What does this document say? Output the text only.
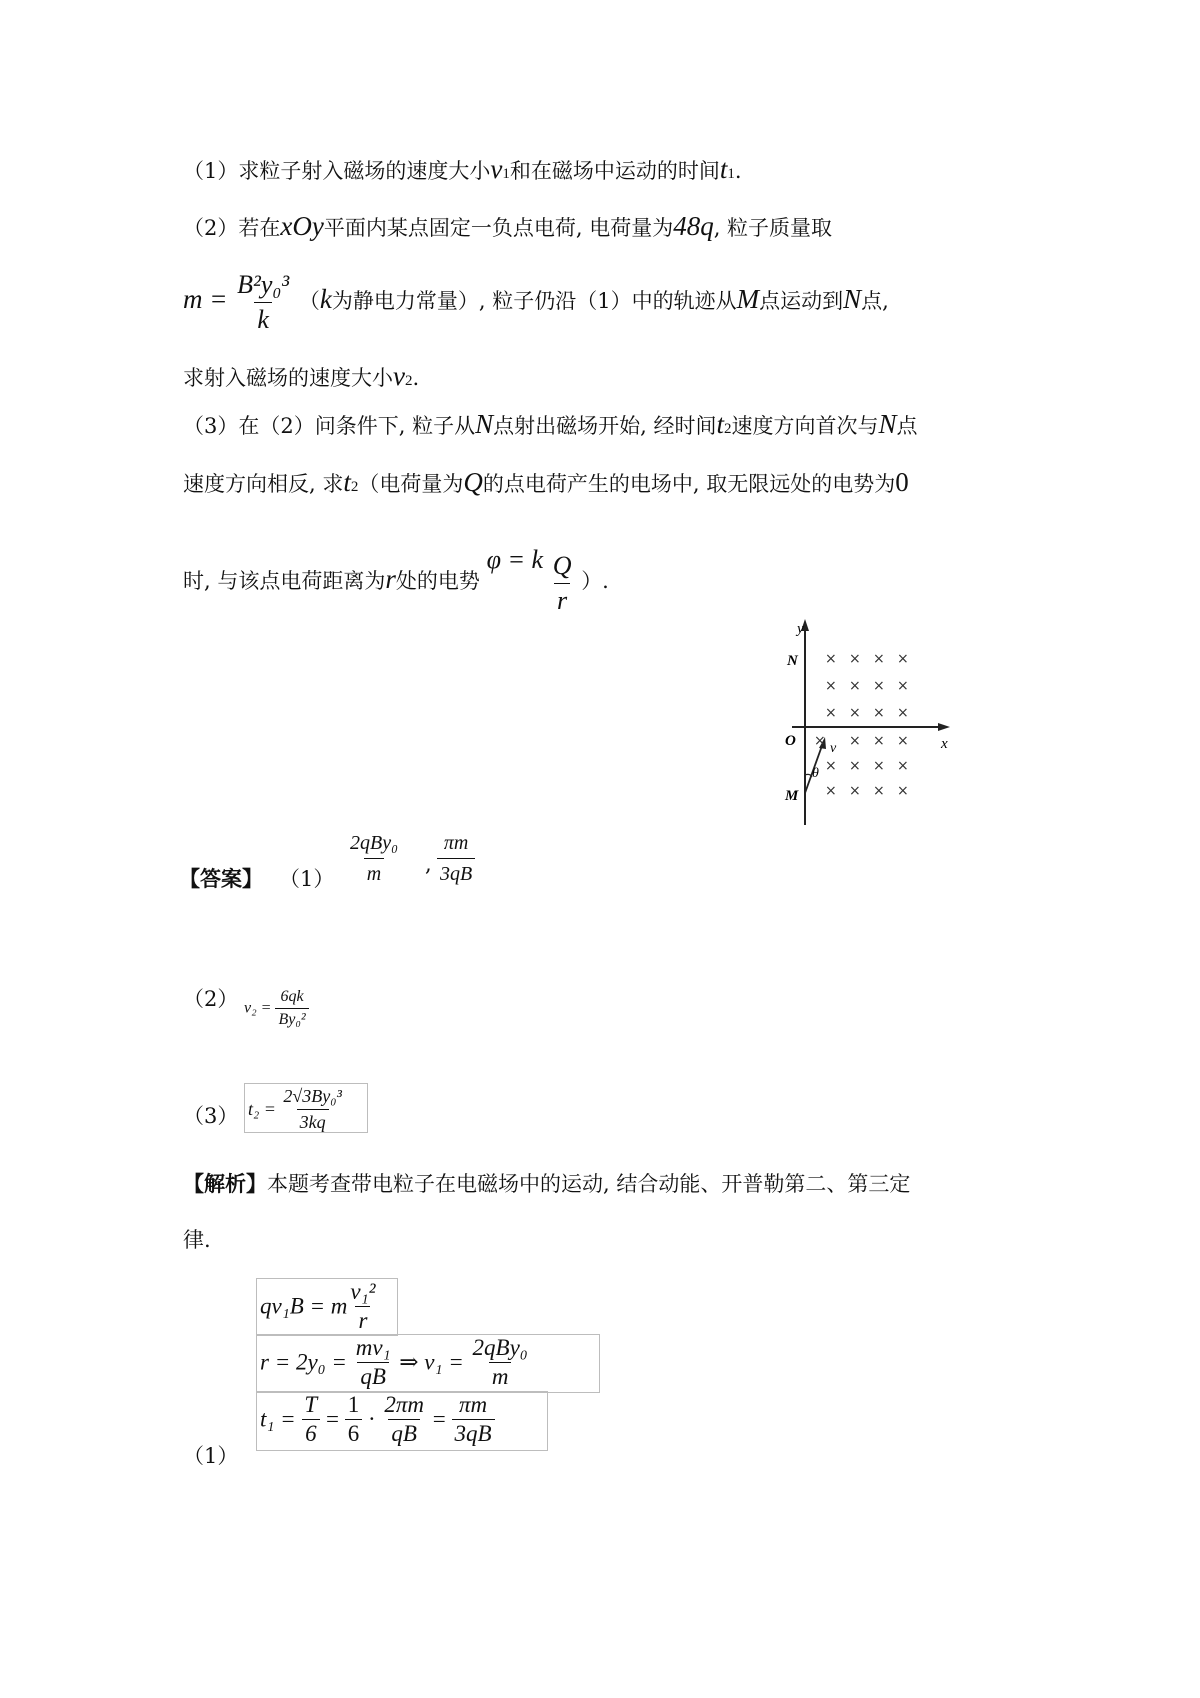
（1）求粒子射入磁场的速度大小v1和在磁场中运动的时间t1.
（2）若在xOy平面内某点固定一负点电荷, 电荷量为48q, 粒子质量取
$m = \frac{\text{B²y₀³}}{k} (k$为静电力常量）, 粒子仍沿（1）中的轨迹从M点运动到N点,
求射入磁场的速度大小v2.
（3）在（2）问条件下, 粒子从N点射出磁场开始, 经时间t2速度方向首次与N点
速度方向相反, 求t2（电荷量为Q的点电荷产生的电场中, 取无限远处的电势为0
时, 与该点电荷距离为r处的电势 φ = k $\frac{Q}{r}$ ）.
y
x
N
O
M
v
θ
× × × ×
× × × ×
× × × ×
× × ×
× × × ×
× × × ×
×
【答案】 （1）
2qBy₀
m , $\frac{\pi m}{3qB}$
（2） $v_2 = \frac{6qk}{\text{By₀²}}$
（3） $t_2 = \frac{\text{2√3By₀³}}{3kq}$
【解析】本题考查带电粒子在电磁场中的运动, 结合动能、开普勒第二、第三定
律.
（1）
qv₁B = m $\frac{\text{v₁²}}{r}$
$r = 2y_0 = \frac{\text{mv₁}}{qB}$ ⇒ $v_1 = \frac{\text{2qBy₀}}{m}$
$t_1 = \frac{T}{6} = \frac{1}{6} \cdot \frac{2\pi m}{qB} = \frac{\pi m}{3qB}$
